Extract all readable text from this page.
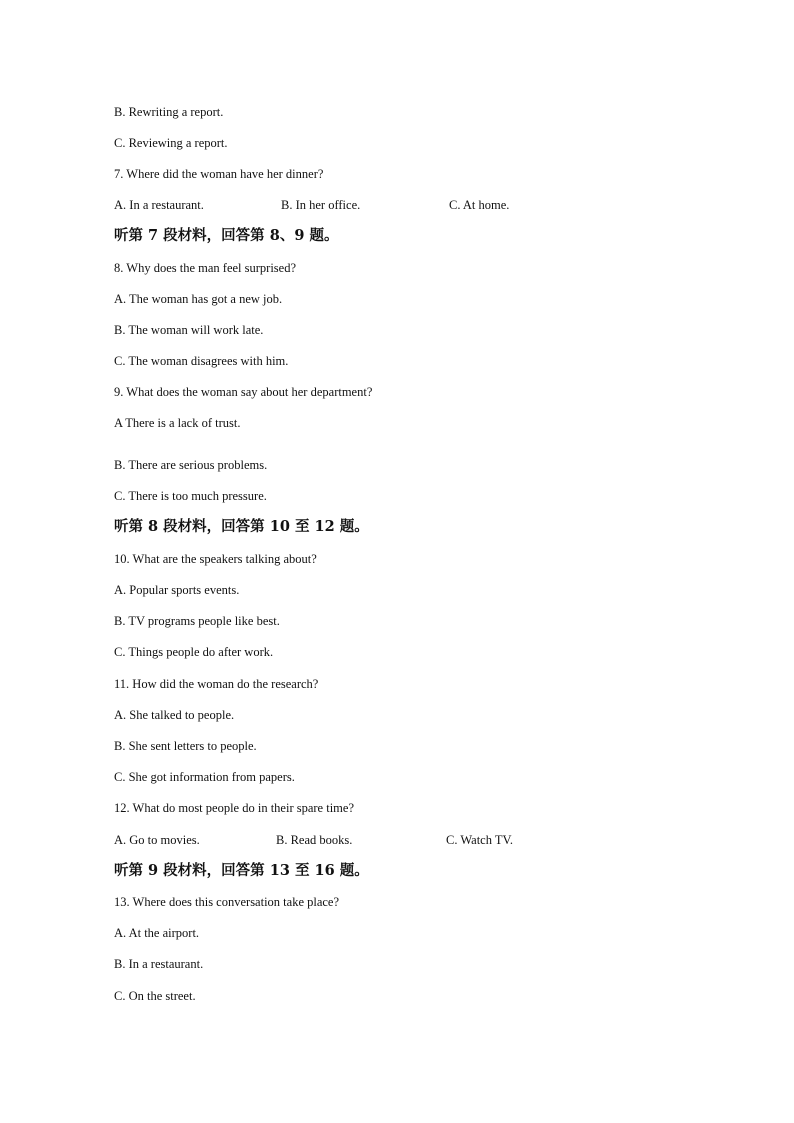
B. Rewriting a report.
C. Reviewing a report.
7. Where did the woman have her dinner?
A. In a restaurant.	B. In her office.	C. At home.
听第 7 段材料，回答第 8、9 题。
8. Why does the man feel surprised?
A. The woman has got a new job.
B. The woman will work late.
C. The woman disagrees with him.
9. What does the woman say about her department?
A There is a lack of trust.
B. There are serious problems.
C. There is too much pressure.
听第 8 段材料，回答第 10 至 12 题。
10. What are the speakers talking about?
A. Popular sports events.
B. TV programs people like best.
C. Things people do after work.
11. How did the woman do the research?
A. She talked to people.
B. She sent letters to people.
C. She got information from papers.
12. What do most people do in their spare time?
A. Go to movies.	B. Read books.	C. Watch TV.
听第 9 段材料，回答第 13 至 16 题。
13. Where does this conversation take place?
A. At the airport.
B. In a restaurant.
C. On the street.
